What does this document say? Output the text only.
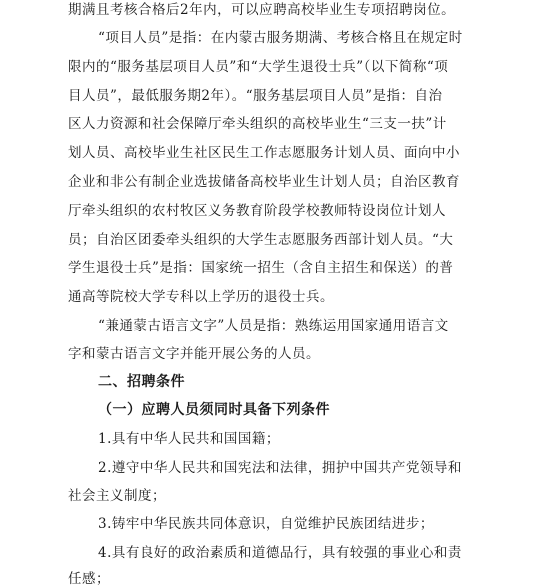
期满且考核合格后2年内，可以应聘高校毕业生专项招聘岗位。
“项目人员”是指：在内蒙古服务期满、考核合格且在规定时
限内的“服务基层项目人员”和“大学生退役士兵”（以下简称“项
目人员”，最低服务期2年）。“服务基层项目人员”是指：自治
区人力资源和社会保障厅牵头组织的高校毕业生“三支一扶”计
划人员、高校毕业生社区民生工作志愿服务计划人员、面向中小
企业和非公有制企业选拔储备高校毕业生计划人员；自治区教育
厅牵头组织的农村牧区义务教育阶段学校教师特设岗位计划人
员；自治区团委牵头组织的大学生志愿服务西部计划人员。“大
学生退役士兵”是指：国家统一招生（含自主招生和保送）的普
通高等院校大学专科以上学历的退役士兵。
“兼通蒙古语言文字”人员是指：熟练运用国家通用语言文
字和蒙古语言文字并能开展公务的人员。
二、招聘条件
（一）应聘人员须同时具备下列条件
1.具有中华人民共和国国籍；
2.遵守中华人民共和国宪法和法律，拥护中国共产党领导和
社会主义制度；
3.铸牢中华民族共同体意识，自觉维护民族团结进步；
4.具有良好的政治素质和道德品行，具有较强的事业心和责
任感；
